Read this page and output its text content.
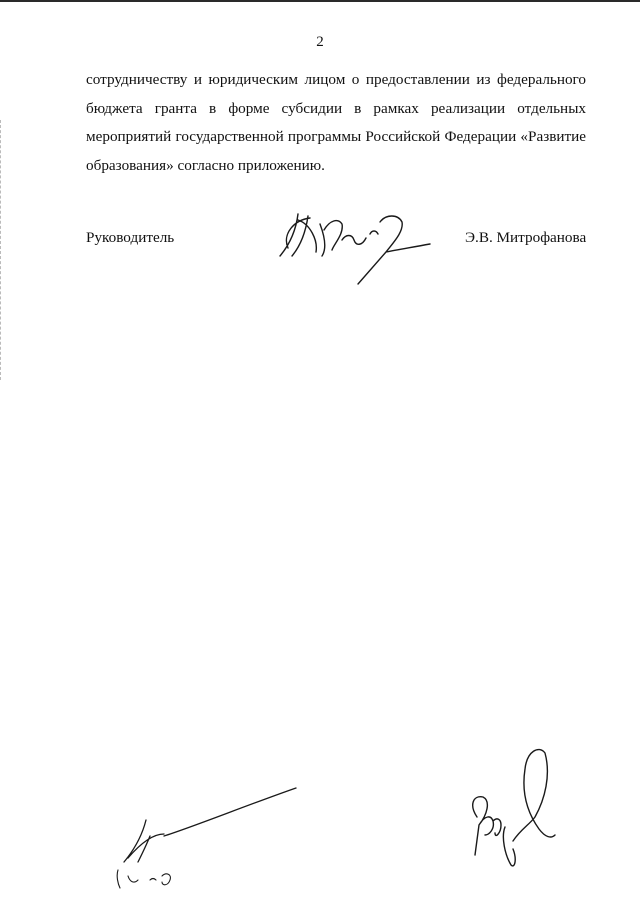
2

сотрудничеству и юридическим лицом о предоставлении из федерального
бюджета гранта в форме субсидии в рамках реализации отдельных
мероприятий государственной программы Российской Федерации «Развитие
образования» согласно приложению.

Руководитель	Э.В. Митрофанова
